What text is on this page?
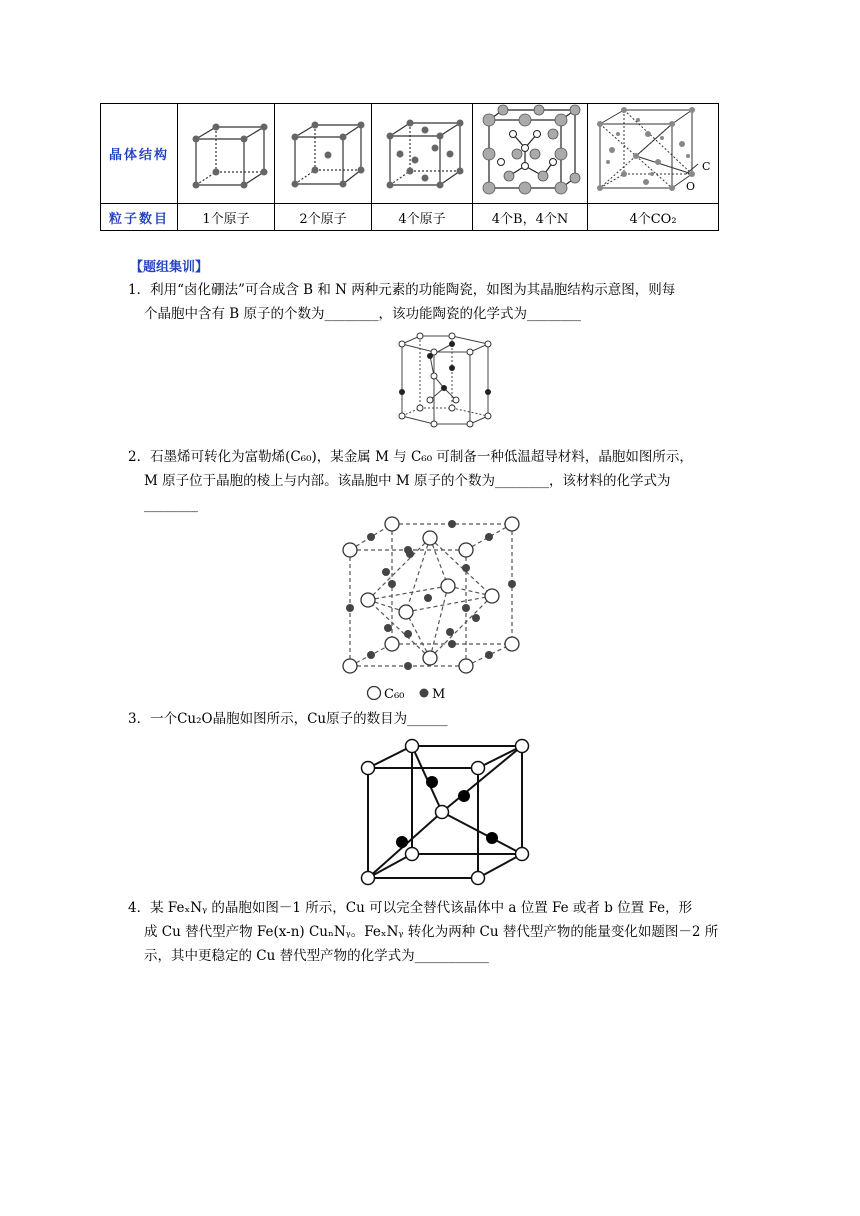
晶体结构					C
O

粒子数目	1个原子	2个原子	4个原子	4个B，4个N	4个CO₂
【题组集训】
1．利用“卤化硼法”可合成含 B 和 N 两种元素的功能陶瓷，如图为其晶胞结构示意图，则每
个晶胞中含有 B 原子的个数为________，该功能陶瓷的化学式为________
2．石墨烯可转化为富勒烯(C₆₀)，某金属 M 与 C₆₀ 可制备一种低温超导材料，晶胞如图所示，
M 原子位于晶胞的棱上与内部。该晶胞中 M 原子的个数为________，该材料的化学式为
________
C₆₀ M
3．一个Cu₂O晶胞如图所示，Cu原子的数目为______
4．某 FeₓNᵧ 的晶胞如图－1 所示，Cu 可以完全替代该晶体中 a 位置 Fe 或者 b 位置 Fe，形
成 Cu 替代型产物 Fe(x-n) CuₙNᵧ。FeₓNᵧ 转化为两种 Cu 替代型产物的能量变化如题图－2 所
示，其中更稳定的 Cu 替代型产物的化学式为___________
